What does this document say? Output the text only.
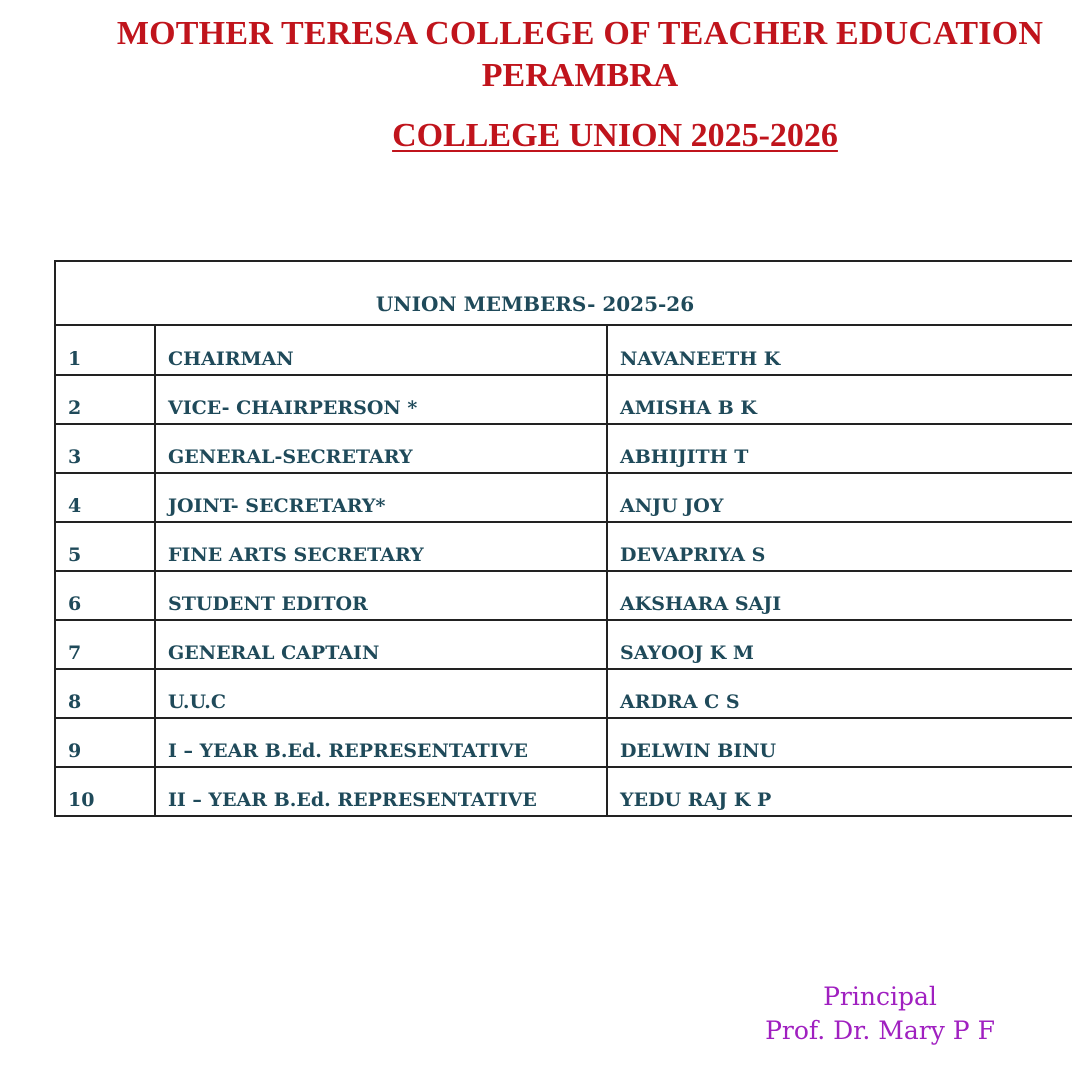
MOTHER TERESA COLLEGE OF TEACHER EDUCATION
PERAMBRA
COLLEGE UNION 2025-2026
UNION MEMBERS- 2025-26
1	CHAIRMAN	NAVANEETH K
2	VICE- CHAIRPERSON *	AMISHA B K
3	GENERAL-SECRETARY	ABHIJITH T
4	JOINT- SECRETARY*	ANJU JOY
5	FINE ARTS SECRETARY	DEVAPRIYA S
6	STUDENT EDITOR	AKSHARA SAJI
7	GENERAL CAPTAIN	SAYOOJ K M
8	U.U.C	ARDRA C S
9	I – YEAR B.Ed. REPRESENTATIVE	DELWIN BINU
10	II – YEAR B.Ed. REPRESENTATIVE	YEDU RAJ K P
Principal
Prof. Dr. Mary P F
